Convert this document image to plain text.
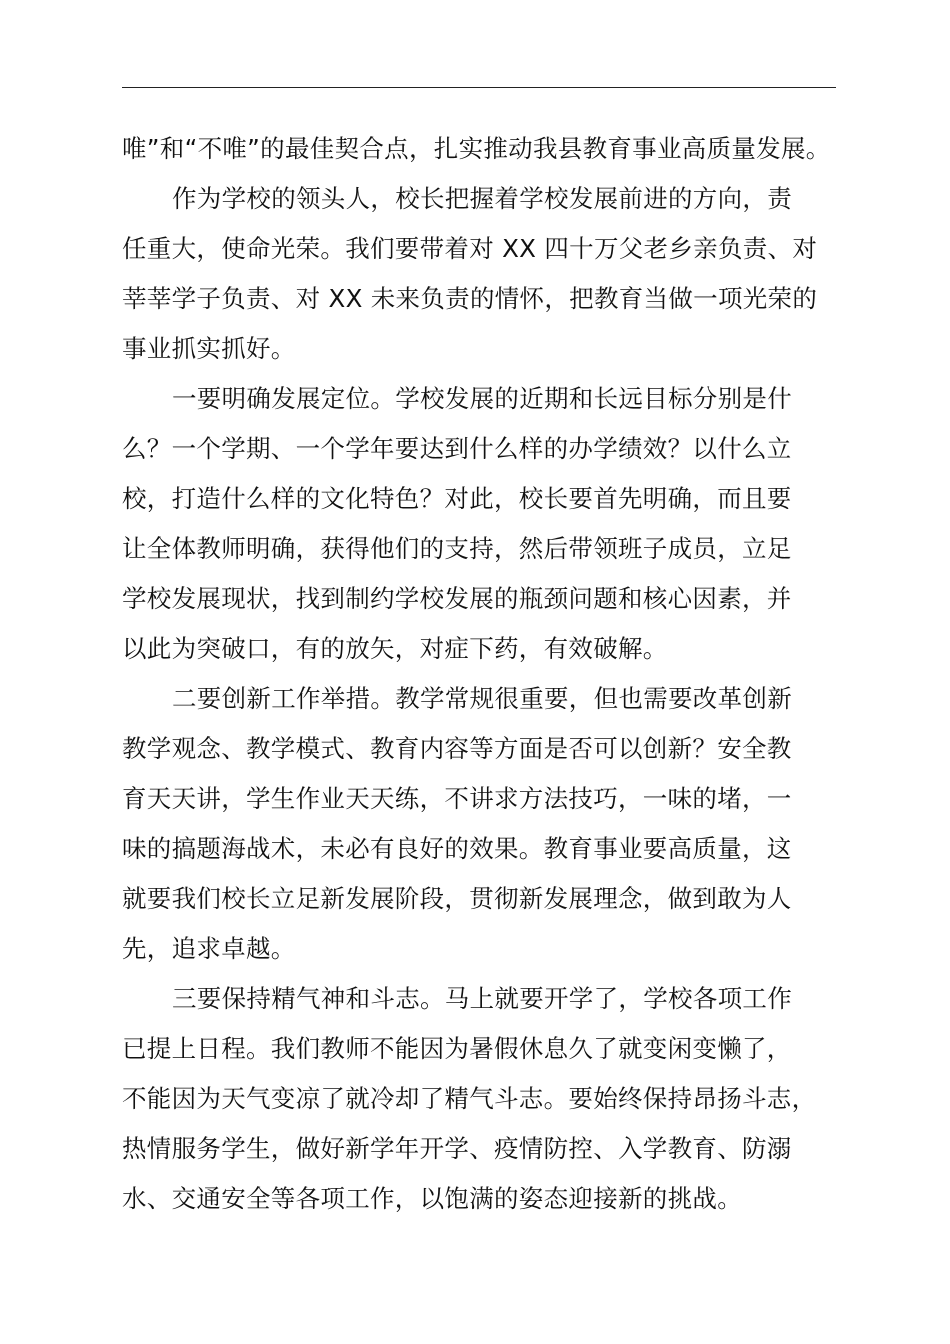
唯”和“不唯”的最佳契合点，扎实推动我县教育事业高质量发展。
作为学校的领头人，校长把握着学校发展前进的方向，责
任重大，使命光荣。我们要带着对 XX 四十万父老乡亲负责、对
莘莘学子负责、对 XX 未来负责的情怀，把教育当做一项光荣的
事业抓实抓好。
一要明确发展定位。学校发展的近期和长远目标分别是什
么？一个学期、一个学年要达到什么样的办学绩效？以什么立
校，打造什么样的文化特色？对此，校长要首先明确，而且要
让全体教师明确，获得他们的支持，然后带领班子成员，立足
学校发展现状，找到制约学校发展的瓶颈问题和核心因素，并
以此为突破口，有的放矢，对症下药，有效破解。
二要创新工作举措。教学常规很重要，但也需要改革创新
教学观念、教学模式、教育内容等方面是否可以创新？安全教
育天天讲，学生作业天天练，不讲求方法技巧，一味的堵，一
味的搞题海战术，未必有良好的效果。教育事业要高质量，这
就要我们校长立足新发展阶段，贯彻新发展理念，做到敢为人
先，追求卓越。
三要保持精气神和斗志。马上就要开学了，学校各项工作
已提上日程。我们教师不能因为暑假休息久了就变闲变懒了，
不能因为天气变凉了就冷却了精气斗志。要始终保持昂扬斗志，
热情服务学生，做好新学年开学、疫情防控、入学教育、防溺
水、交通安全等各项工作，以饱满的姿态迎接新的挑战。
